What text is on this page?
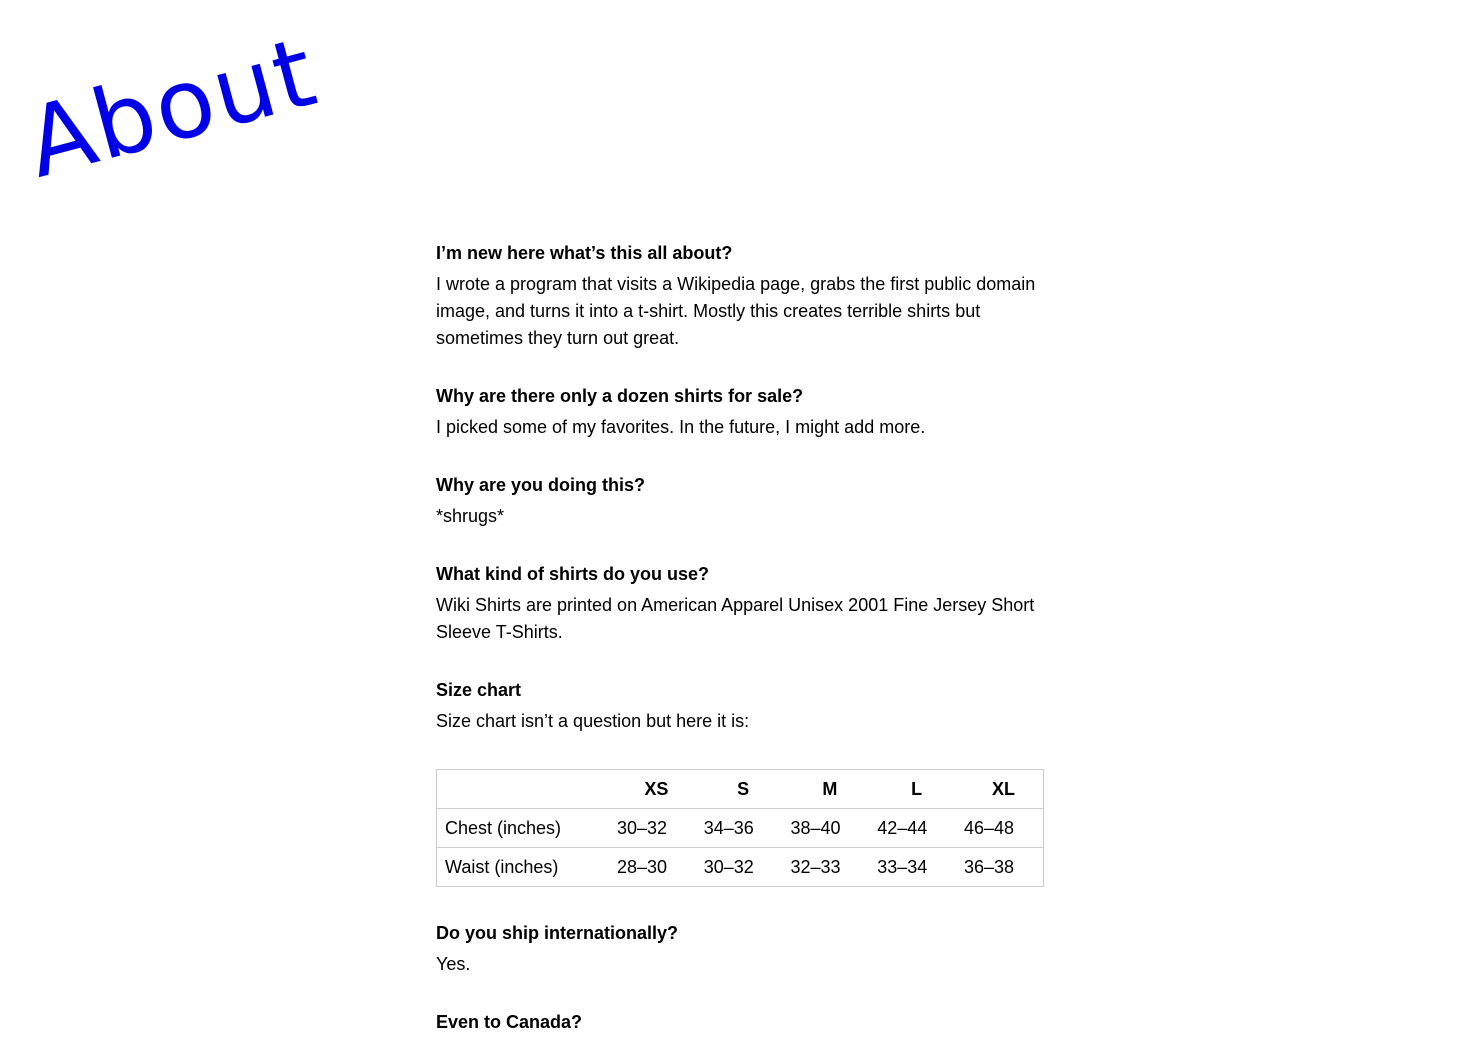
About

I’m new here what’s this all about?

I wrote a program that visits a Wikipedia page, grabs the first public domain image, and turns it into a t-shirt. Mostly this creates terrible shirts but sometimes they turn out great.

Why are there only a dozen shirts for sale?

I picked some of my favorites. In the future, I might add more.

Why are you doing this?

*shrugs*

What kind of shirts do you use?

Wiki Shirts are printed on American Apparel Unisex 2001 Fine Jersey Short Sleeve T-Shirts.

Size chart

Size chart isn’t a question but here it is:

	XS	S	M	L	XL
Chest (inches)	30–32	34–36	38–40	42–44	46–48
Waist (inches)	28–30	30–32	32–33	33–34	36–38

Do you ship internationally?

Yes.

Even to Canada?
